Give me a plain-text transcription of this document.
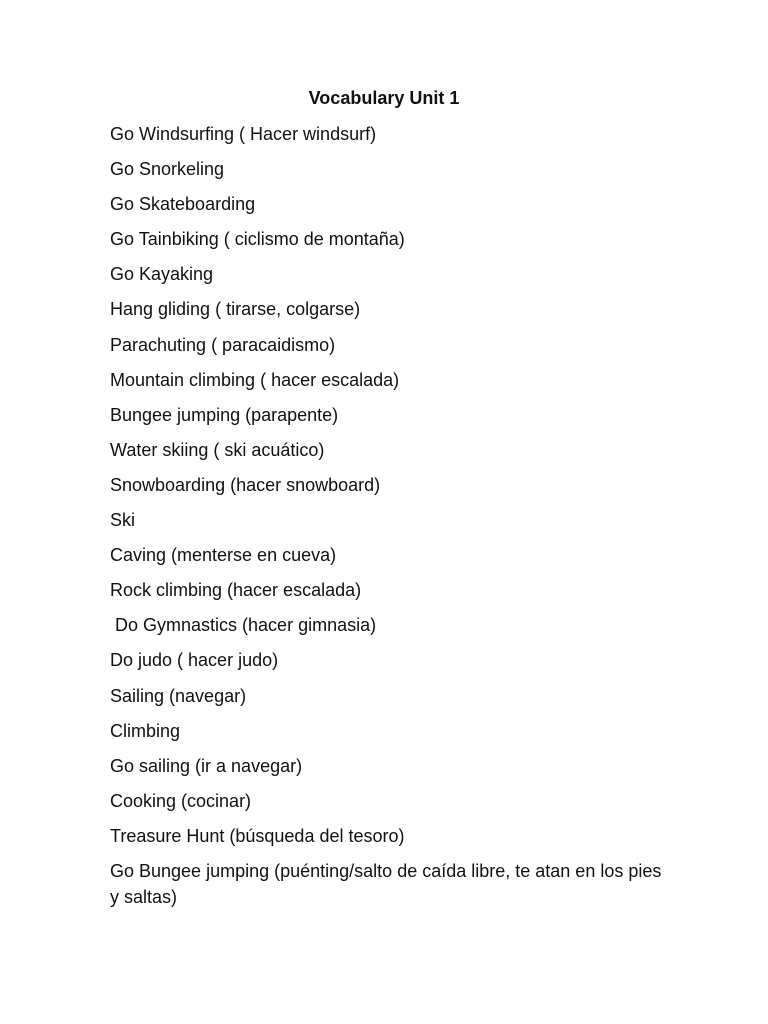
Vocabulary Unit 1
Go Windsurfing ( Hacer windsurf)
Go Snorkeling
Go Skateboarding
Go Tainbiking ( ciclismo de montaña)
Go Kayaking
Hang gliding ( tirarse, colgarse)
Parachuting ( paracaidismo)
Mountain climbing ( hacer escalada)
Bungee jumping (parapente)
Water skiing ( ski acuático)
Snowboarding (hacer snowboard)
Ski
Caving (menterse en cueva)
Rock climbing (hacer escalada)
Do Gymnastics (hacer gimnasia)
Do judo ( hacer judo)
Sailing (navegar)
Climbing
Go sailing (ir a navegar)
Cooking (cocinar)
Treasure Hunt (búsqueda del tesoro)
Go Bungee jumping (puénting/salto de caída libre, te atan en los pies y saltas)
